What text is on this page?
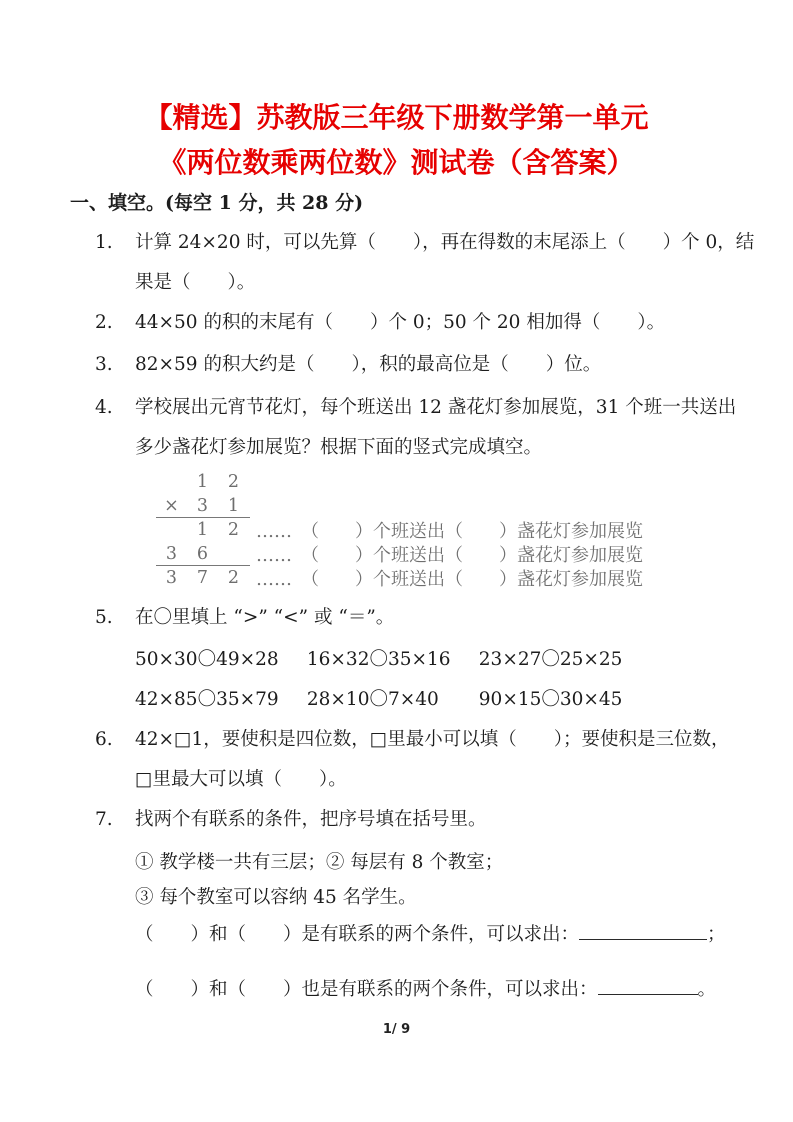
【精选】苏教版三年级下册数学第一单元
《两位数乘两位数》测试卷（含答案）
一、填空。(每空 1 分，共 28 分)
1. 计算 24×20 时，可以先算（　　），再在得数的末尾添上（　　）个 0，结
果是（　　）。
2. 44×50 的积的末尾有（　　）个 0；50 个 20 相加得（　　）。
3. 82×59 的积大约是（　　），积的最高位是（　　）位。
4. 学校展出元宵节花灯，每个班送出 12 盏花灯参加展览，31 个班一共送出
多少盏花灯参加展览？根据下面的竖式完成填空。
1	2
×	3	1
1	2 ……　（　　）个班送出（　　）盏花灯参加展览
3	6	……　（　　）个班送出（　　）盏花灯参加展览
3	7	2 ……　（　　）个班送出（　　）盏花灯参加展览
5. 在〇里填上 “>” “<” 或 “＝”。
50×30〇49×28 16×32〇35×16 23×27〇25×25
42×85〇35×79 28×10〇7×40 90×15〇30×45
6. 42×□1，要使积是四位数，□里最小可以填（　　）；要使积是三位数，
□里最大可以填（　　）。
7. 找两个有联系的条件，把序号填在括号里。
① 教学楼一共有三层；② 每层有 8 个教室；
③ 每个教室可以容纳 45 名学生。
（　　）和（　　）是有联系的两个条件，可以求出：	；
（　　）和（　　）也是有联系的两个条件，可以求出：	。
1/ 9
